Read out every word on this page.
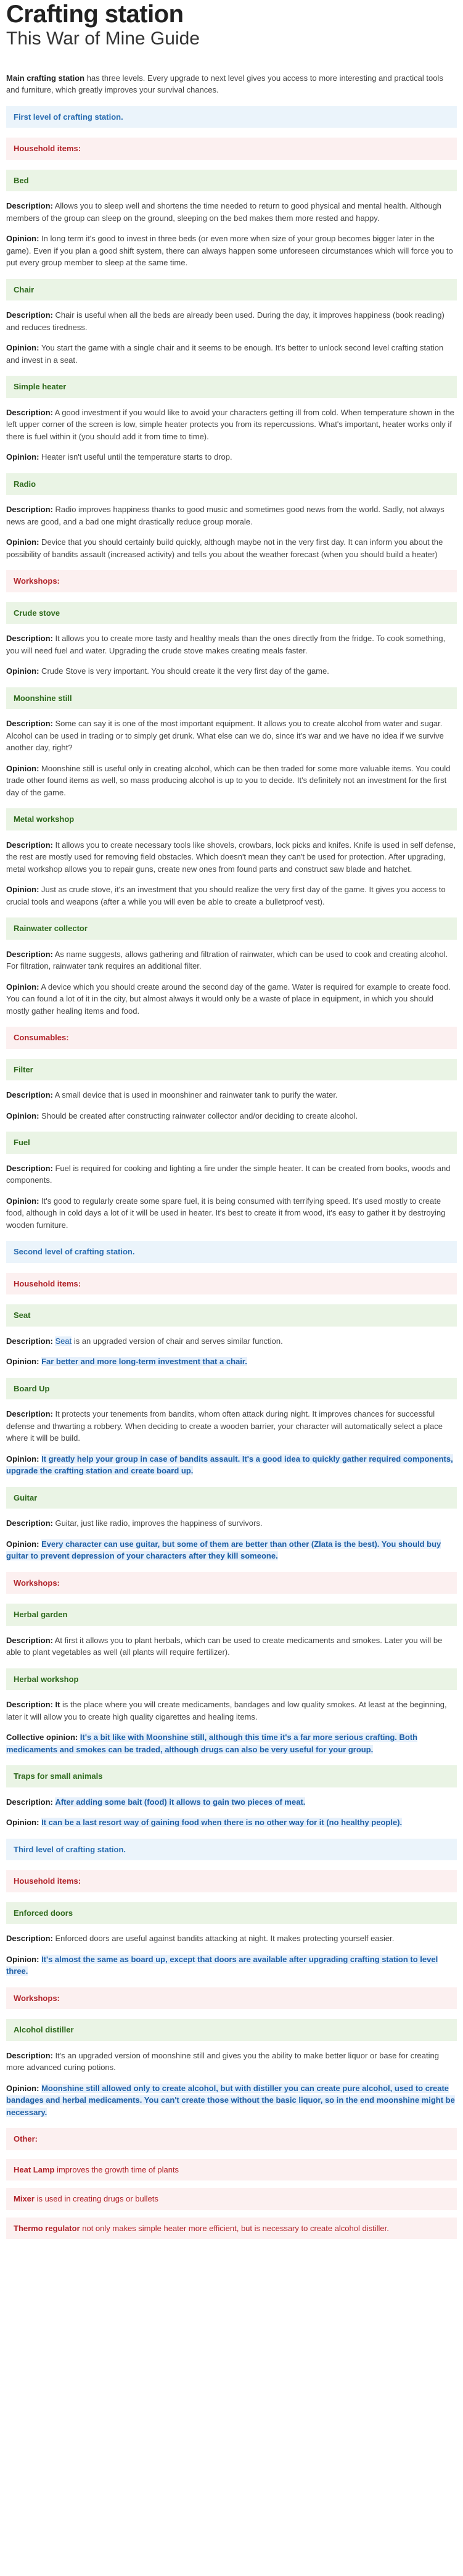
Crafting station
This War of Mine Guide

Main crafting station has three levels. Every upgrade to next level gives you access to more interesting and practical tools and furniture, which greatly improves your survival chances.

First level of crafting station.
Household items:
Bed

Description: Allows you to sleep well and shortens the time needed to return to good physical and mental health. Although members of the group can sleep on the ground, sleeping on the bed makes them more rested and happy.

Opinion: In long term it's good to invest in three beds (or even more when size of your group becomes bigger later in the game). Even if you plan a good shift system, there can always happen some unforeseen circumstances which will force you to put every group member to sleep at the same time.

Chair

Description: Chair is useful when all the beds are already been used. During the day, it improves happiness (book reading) and reduces tiredness.

Opinion: You start the game with a single chair and it seems to be enough. It's better to unlock second level crafting station and invest in a seat.

Simple heater

Description: A good investment if you would like to avoid your characters getting ill from cold. When temperature shown in the left upper corner of the screen is low, simple heater protects you from its repercussions. What's important, heater works only if there is fuel within it (you should add it from time to time).

Opinion: Heater isn't useful until the temperature starts to drop.

Radio

Description: Radio improves happiness thanks to good music and sometimes good news from the world. Sadly, not always news are good, and a bad one might drastically reduce group morale.

Opinion: Device that you should certainly build quickly, although maybe not in the very first day. It can inform you about the possibility of bandits assault (increased activity) and tells you about the weather forecast (when you should build a heater)

Workshops:
Crude stove

Description: It allows you to create more tasty and healthy meals than the ones directly from the fridge. To cook something, you will need fuel and water. Upgrading the crude stove makes creating meals faster.

Opinion: Crude Stove is very important. You should create it the very first day of the game.

Moonshine still

Description: Some can say it is one of the most important equipment. It allows you to create alcohol from water and sugar. Alcohol can be used in trading or to simply get drunk. What else can we do, since it's war and we have no idea if we survive another day, right?

Opinion: Moonshine still is useful only in creating alcohol, which can be then traded for some more valuable items. You could trade other found items as well, so mass producing alcohol is up to you to decide. It's definitely not an investment for the first day of the game.

Metal workshop

Description: It allows you to create necessary tools like shovels, crowbars, lock picks and knifes. Knife is used in self defense, the rest are mostly used for removing field obstacles. Which doesn't mean they can't be used for protection. After upgrading, metal workshop allows you to repair guns, create new ones from found parts and construct saw blade and hatchet.

Opinion: Just as crude stove, it's an investment that you should realize the very first day of the game. It gives you access to crucial tools and weapons (after a while you will even be able to create a bulletproof vest).

Rainwater collector

Description: As name suggests, allows gathering and filtration of rainwater, which can be used to cook and creating alcohol. For filtration, rainwater tank requires an additional filter.

Opinion: A device which you should create around the second day of the game. Water is required for example to create food. You can found a lot of it in the city, but almost always it would only be a waste of place in equipment, in which you should mostly gather healing items and food.

Consumables:
Filter

Description: A small device that is used in moonshiner and rainwater tank to purify the water.

Opinion: Should be created after constructing rainwater collector and/or deciding to create alcohol.

Fuel

Description: Fuel is required for cooking and lighting a fire under the simple heater. It can be created from books, woods and components.

Opinion: It's good to regularly create some spare fuel, it is being consumed with terrifying speed. It's used mostly to create food, although in cold days a lot of it will be used in heater. It's best to create it from wood, it's easy to gather it by destroying wooden furniture.

Second level of crafting station.
Household items:
Seat

Description: Seat is an upgraded version of chair and serves similar function.

Opinion: Far better and more long-term investment that a chair.

Board Up

Description: It protects your tenements from bandits, whom often attack during night. It improves chances for successful defense and thwarting a robbery. When deciding to create a wooden barrier, your character will automatically select a place where it will be build.

Opinion: It greatly help your group in case of bandits assault. It's a good idea to quickly gather required components, upgrade the crafting station and create board up.

Guitar

Description: Guitar, just like radio, improves the happiness of survivors.

Opinion: Every character can use guitar, but some of them are better than other (Zlata is the best). You should buy guitar to prevent depression of your characters after they kill someone.

Workshops:
Herbal garden

Description: At first it allows you to plant herbals, which can be used to create medicaments and smokes. Later you will be able to plant vegetables as well (all plants will require fertilizer).

Herbal workshop

Description: It is the place where you will create medicaments, bandages and low quality smokes. At least at the beginning, later it will allow you to create high quality cigarettes and healing items.

Collective opinion: It's a bit like with Moonshine still, although this time it's a far more serious crafting. Both medicaments and smokes can be traded, although drugs can also be very useful for your group.

Traps for small animals

Description: After adding some bait (food) it allows to gain two pieces of meat.

Opinion: It can be a last resort way of gaining food when there is no other way for it (no healthy people).

Third level of crafting station.
Household items:
Enforced doors

Description: Enforced doors are useful against bandits attacking at night. It makes protecting yourself easier.

Opinion: It's almost the same as board up, except that doors are available after upgrading crafting station to level three.

Workshops:
Alcohol distiller

Description: It's an upgraded version of moonshine still and gives you the ability to make better liquor or base for creating more advanced curing potions.

Opinion: Moonshine still allowed only to create alcohol, but with distiller you can create pure alcohol, used to create bandages and herbal medicaments. You can't create those without the basic liquor, so in the end moonshine might be necessary.

Other:
Heat Lamp improves the growth time of plants
Mixer is used in creating drugs or bullets
Thermo regulator not only makes simple heater more efficient, but is necessary to create alcohol distiller.
